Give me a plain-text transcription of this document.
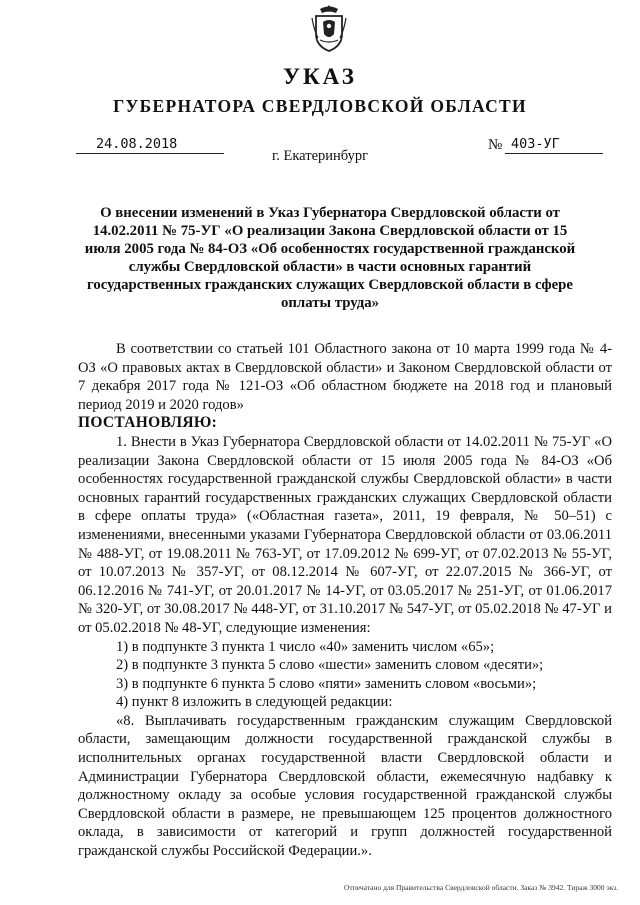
УКАЗ
ГУБЕРНАТОРА СВЕРДЛОВСКОЙ ОБЛАСТИ
24.08.2018	№ 403-УГ
г. Екатеринбург
О внесении изменений в Указ Губернатора Свердловской области от 14.02.2011 № 75-УГ «О реализации Закона Свердловской области от 15 июля 2005 года № 84-ОЗ «Об особенностях государственной гражданской службы Свердловской области» в части основных гарантий государственных гражданских служащих Свердловской области в сфере оплаты труда»

В соответствии со статьей 101 Областного закона от 10 марта 1999 года № 4-ОЗ «О правовых актах в Свердловской области» и Законом Свердловской области от 7 декабря 2017 года № 121-ОЗ «Об областном бюджете на 2018 год и плановый период 2019 и 2020 годов»

ПОСТАНОВЛЯЮ:

1. Внести в Указ Губернатора Свердловской области от 14.02.2011 № 75-УГ «О реализации Закона Свердловской области от 15 июля 2005 года № 84-ОЗ «Об особенностях государственной гражданской службы Свердловской области» в части основных гарантий государственных гражданских служащих Свердловской области в сфере оплаты труда» («Областная газета», 2011, 19 февраля, № 50–51) с изменениями, внесенными указами Губернатора Свердловской области от 03.06.2011 № 488-УГ, от 19.08.2011 № 763-УГ, от 17.09.2012 № 699-УГ, от 07.02.2013 № 55-УГ, от 10.07.2013 № 357-УГ, от 08.12.2014 № 607-УГ, от 22.07.2015 № 366-УГ, от 06.12.2016 № 741-УГ, от 20.01.2017 № 14-УГ, от 03.05.2017 № 251-УГ, от 01.06.2017 № 320-УГ, от 30.08.2017 № 448-УГ, от 31.10.2017 № 547-УГ, от 05.02.2018 № 47-УГ и от 05.02.2018 № 48-УГ, следующие изменения:

1) в подпункте 3 пункта 1 число «40» заменить числом «65»;

2) в подпункте 3 пункта 5 слово «шести» заменить словом «десяти»;

3) в подпункте 6 пункта 5 слово «пяти» заменить словом «восьми»;

4) пункт 8 изложить в следующей редакции:

«8. Выплачивать государственным гражданским служащим Свердловской области, замещающим должности государственной гражданской службы в исполнительных органах государственной власти Свердловской области и Администрации Губернатора Свердловской области, ежемесячную надбавку к должностному окладу за особые условия государственной гражданской службы Свердловской области в размере, не превышающем 125 процентов должностного оклада, в зависимости от категорий и групп должностей государственной гражданской службы Российской Федерации.».

Отпечатано для Правительства Свердловской области. Заказ № 3942. Тираж 3000 экз.
